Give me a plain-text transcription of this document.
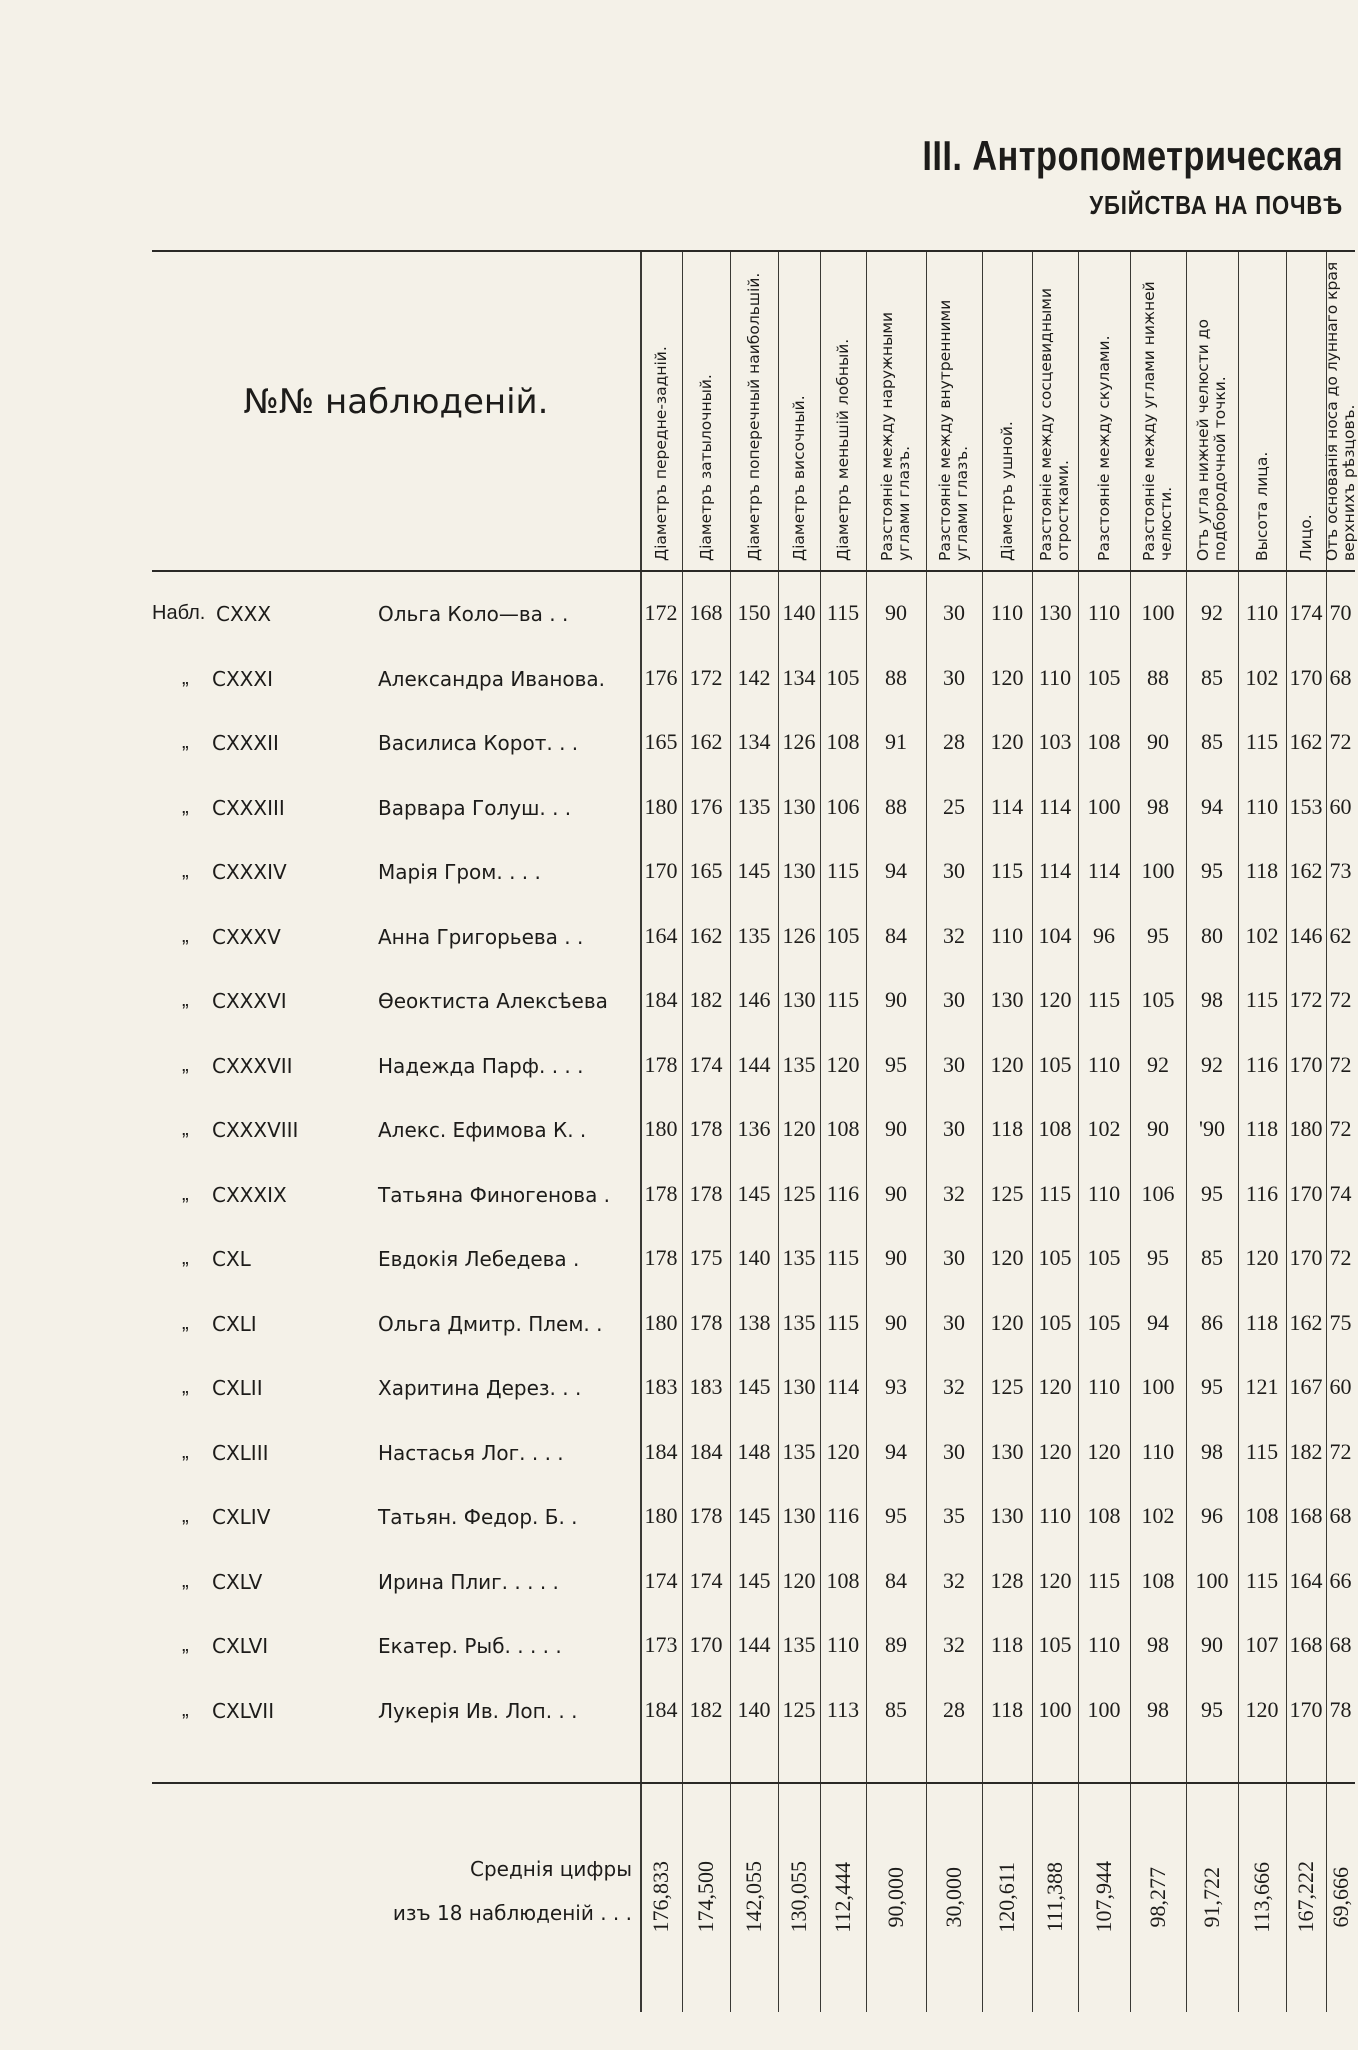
III. Антропометрическая
УБІЙСТВА НА ПОЧВѢ
№№ наблюденій.	Діаметръ передне-задній. Діаметръ затылочный. Діаметръ поперечный наибольшій. Діаметръ височный. Діаметръ меньшій лобный. Разстояніе между наружными углами глазъ. Разстояніе между внутренними углами глазъ. Діаметръ ушной. Разстояніе между сосцевидными отростками. Разстояніе между скулами. Разстояніе между углами нижней челюсти. Отъ угла нижней челюсти до подбородочной точки. Высота лица. Лицо. Отъ основанія носа до луннаго края верхнихъ рѣзцовъ.
Набл. CXXX	Ольга Коло—ва . .	172 168 150 140 115	90	30	110 130 110 100	92	110 174 70
„	CXXXI	Александра Иванова. 176 172 142 134 105	88	30	120 110 105	88	85	102 170 68
„	CXXXII	Василиса Корот. . .	165 162 134 126 108	91	28	120 103 108	90	85	115 162 72
„	CXXXIII	Варвара Голуш. . .	180 176 135 130 106	88	25	114 114 100	98	94	110 153 60
„	CXXXIV	Марія Гром. . . .	170 165 145 130 115	94	30	115 114 114 100	95	118 162 73
„	CXXXV	Анна Григорьева . .	164 162 135 126 105	84	32	110 104 96	95	80	102 146 62
„	CXXXVI	Ѳеоктиста Алексѣева 184 182 146 130 115	90	30	130 120 115 105	98	115 172 72
„	CXXXVII	Надежда Парф. . . .	178 174 144 135 120	95	30	120 105 110	92	92	116 170 72
„	CXXXVIII	Алекс. Ефимова К. .	180 178 136 120 108	90	30	118 108 102	90	'90 118 180 72
„	CXXXIX	Татьяна Финогенова . 178 178 145 125 116	90	32	125 115 110 106	95	116 170 74
„	CXL	Евдокія Лебедева .	178 175 140 135 115	90	30	120 105 105	95	85	120 170 72
„	CXLI	Ольга Дмитр. Плем. . 180 178 138 135 115	90	30	120 105 105	94	86	118 162 75
„	CXLII	Харитина Дерез. . .	183 183 145 130 114	93	32	125 120 110 100	95	121 167 60
„	CXLIII	Настасья Лог. . . .	184 184 148 135 120	94	30	130 120 120 110	98	115 182 72
„	CXLIV	Татьян. Федор. Б. .	180 178 145 130 116	95	35	130 110 108 102	96	108 168 68
„	CXLV	Ирина Плиг. . . . .	174 174 145 120 108	84	32	128 120 115 108 100 115 164 66
„	CXLVI	Екатер. Рыб. . . . .	173 170 144 135 110	89	32	118 105 110	98	90	107 168 68
„	CXLVII	Лукерія Ив. Лоп. . .	184 182 140 125 113	85	28	118 100 100	98	95	120 170 78
Среднія цифры
изъ 18 наблюденій . . . 176,833 174,500 142,055 130,055 112,444 90,000 30,000 120,611 111,388 107,944 98,277 91,722 113,666 167,222 69,666
